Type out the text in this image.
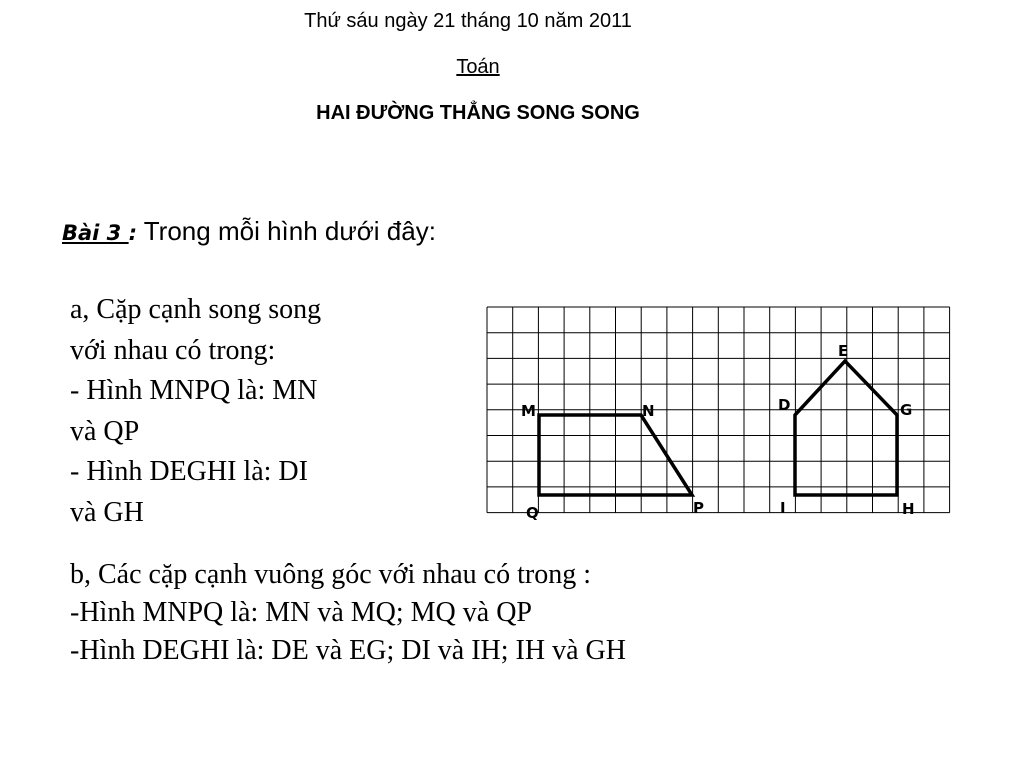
Thứ sáu ngày 21 tháng 10 năm 2011
Toán
HAI ĐƯỜNG THẲNG SONG SONG
Bài 3 : Trong mỗi hình dưới đây:
a, Cặp cạnh song song
với nhau có trong:
- Hình MNPQ là: MN
và QP
- Hình DEGHI là: DI
và GH
b, Các cặp cạnh vuông góc với nhau có trong :
-Hình MNPQ là: MN và MQ; MQ và QP
-Hình DEGHI là: DE và EG; DI và IH; IH và GH
M	N
P
Q
D
E
G
H
I
